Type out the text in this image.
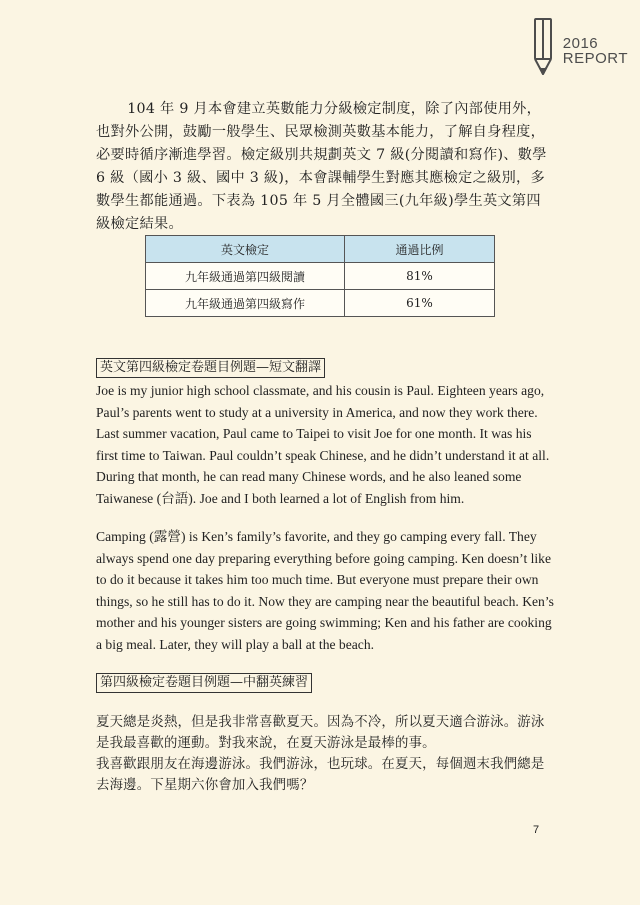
2016
REPORT

104 年 9 月本會建立英數能力分級檢定制度，除了內部使用外，也對外公開，鼓勵一般學生、民眾檢測英數基本能力，了解自身程度，必要時循序漸進學習。檢定級別共規劃英文 7 級(分閱讀和寫作)、數學 6 級（國小 3 級、國中 3 級)，本會課輔學生對應其應檢定之級別，多數學生都能通過。下表為 105 年 5 月全體國三(九年級)學生英文第四級檢定結果。

英文檢定	通過比例
九年級通過第四級閱讀	81%
九年級通過第四級寫作	61%
英文第四級檢定卷題目例題—短文翻譯

Joe is my junior high school classmate, and his cousin is Paul. Eighteen years ago, Paul’s parents went to study at a university in America, and now they work there. Last summer vacation, Paul came to Taipei to visit Joe for one month. It was his first time to Taiwan. Paul couldn’t speak Chinese, and he didn’t understand it at all. During that month, he can read many Chinese words, and he also leaned some Taiwanese (台語). Joe and I both learned a lot of English from him.

Camping (露營) is Ken’s family’s favorite, and they go camping every fall. They always spend one day preparing everything before going camping. Ken doesn’t like to do it because it takes him too much time. But everyone must prepare their own things, so he still has to do it. Now they are camping near the beautiful beach. Ken’s mother and his younger sisters are going swimming; Ken and his father are cooking a big meal. Later, they will play a ball at the beach.

第四級檢定卷題目例題—中翻英練習

夏天總是炎熱，但是我非常喜歡夏天。因為不冷，所以夏天適合游泳。游泳是我最喜歡的運動。對我來說，在夏天游泳是最棒的事。

我喜歡跟朋友在海邊游泳。我們游泳，也玩球。在夏天，每個週末我們總是去海邊。下星期六你會加入我們嗎？

7
